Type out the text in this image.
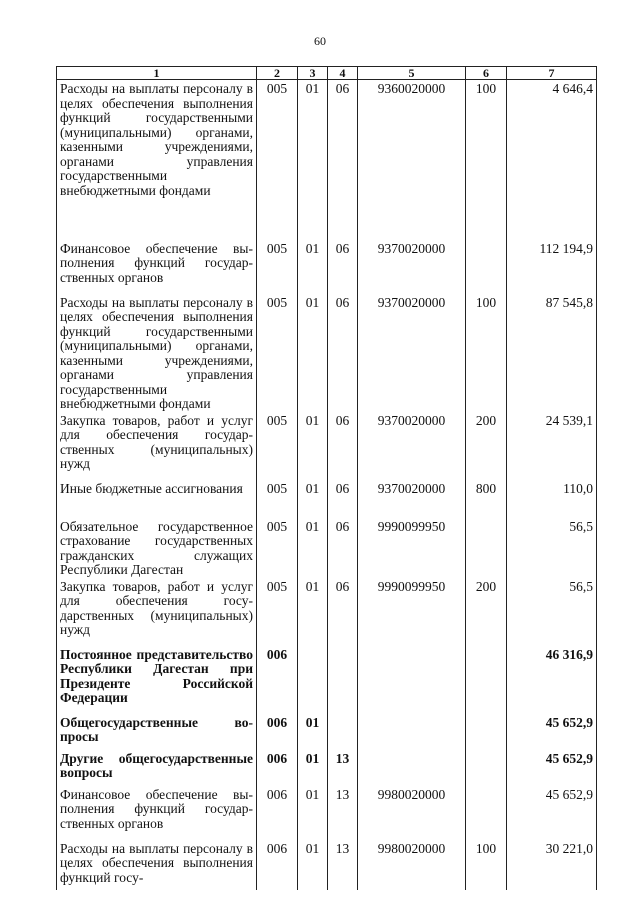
60
1	2	3	4	5	6	7
Расходы на выплаты персоналу в целях обеспечения выполнения функций государственными (муниципальными) органами, казенными учреждениями, органами управления государственными внебюджетными фондами	005	01	06	9360020000	100	4 646,4
Финансовое обеспечение выполнения функций государственных органов	005	01	06	9370020000		112 194,9
Расходы на выплаты персоналу в целях обеспечения выполнения функций государственными (муниципальными) органами, казенными учреждениями, органами управления государственными внебюджетными фондами	005	01	06	9370020000	100	87 545,8
Закупка товаров, работ и услуг для обеспечения государственных (муниципальных) нужд	005	01	06	9370020000	200	24 539,1
Иные бюджетные ассигнования	005	01	06	9370020000	800	110,0
Обязательное государственное страхование государственных гражданских служащих Республики Дагестан	005	01	06	9990099950		56,5
Закупка товаров, работ и услуг для обеспечения государственных (муниципальных) нужд	005	01	06	9990099950	200	56,5
Постоянное представительство Республики Дагестан при Президенте Российской Федерации	006					46 316,9
Общегосударственные вопросы	006	01				45 652,9
Другие общегосударственные вопросы	006	01	13			45 652,9
Финансовое обеспечение выполнения функций государственных органов	006	01	13	9980020000		45 652,9
Расходы на выплаты персоналу в целях обеспечения выполнения функций госу-	006	01	13	9980020000	100	30 221,0
